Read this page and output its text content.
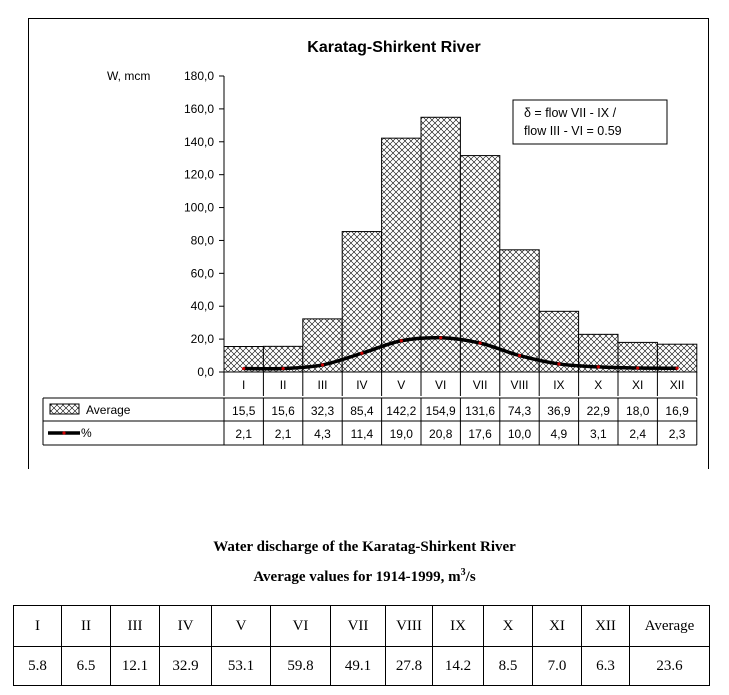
Karatag-Shirkent River
W, mcm
δ = flow VII - IX /
flow III - VI = 0.59
0,0
20,0
40,0
60,0
80,0
100,0
120,0
140,0
160,0
180,0
I	II	III IV V VI VII VIII IX X XI XII
Average
%
15,5 15,6 32,3 85,4 142,2 154,9 131,6 74,3 36,9 22,9 18,0 16,9
2,1 2,1 4,3 11,4 19,0 20,8 17,6 10,0 4,9 3,1 2,4 2,3
Water discharge of the Karatag-Shirkent River
Average values for 1914-1999, $m^3/s$
I	II	III	IV	V	VI	VII	VIII	IX	X	XI	XII	Average
5.8	6.5	12.1	32.9	53.1	59.8	49.1	27.8	14.2	8.5	7.0	6.3	23.6
